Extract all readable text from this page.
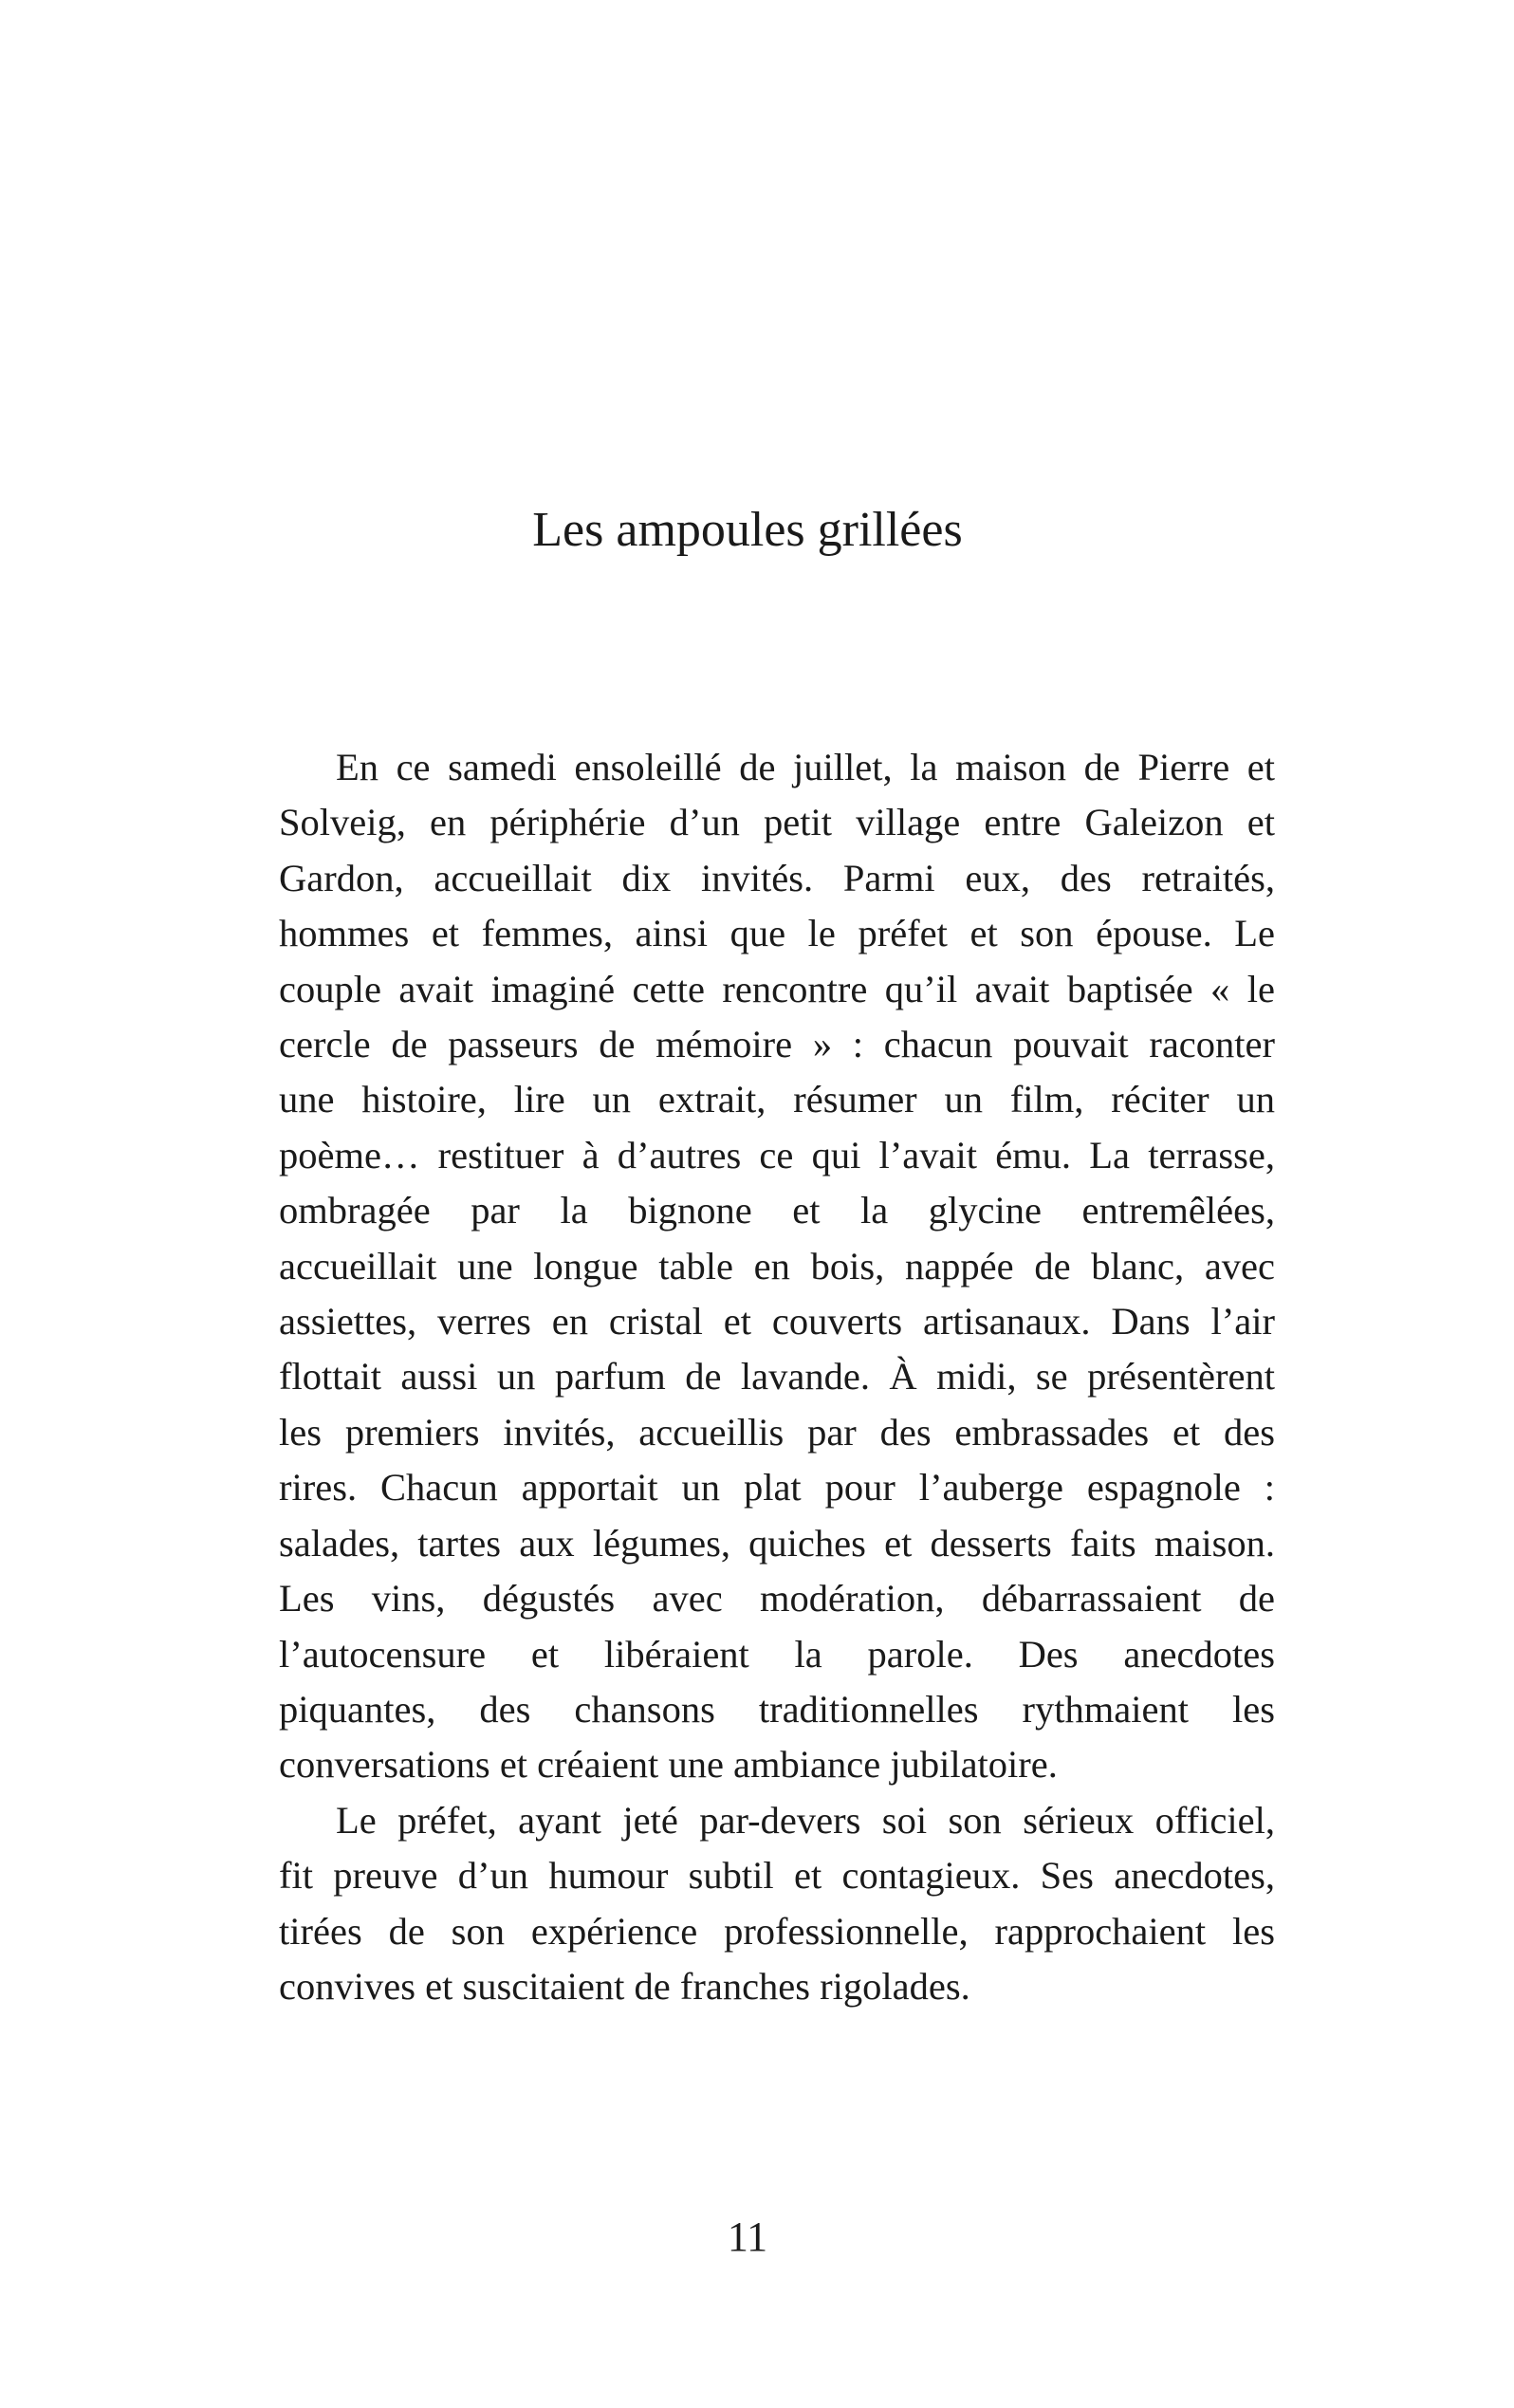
Les ampoules grillées
En ce samedi ensoleillé de juillet, la maison de Pierre et
Solveig, en périphérie d’un petit village entre Galeizon et
Gardon, accueillait dix invités. Parmi eux, des retraités,
hommes et femmes, ainsi que le préfet et son épouse. Le
couple avait imaginé cette rencontre qu’il avait baptisée « le
cercle de passeurs de mémoire » : chacun pouvait raconter
une histoire, lire un extrait, résumer un film, réciter un
poème… restituer à d’autres ce qui l’avait ému. La terrasse,
ombragée par la bignone et la glycine entremêlées,
accueillait une longue table en bois, nappée de blanc, avec
assiettes, verres en cristal et couverts artisanaux. Dans l’air
flottait aussi un parfum de lavande. À midi, se présentèrent
les premiers invités, accueillis par des embrassades et des
rires. Chacun apportait un plat pour l’auberge espagnole :
salades, tartes aux légumes, quiches et desserts faits maison.
Les vins, dégustés avec modération, débarrassaient de
l’autocensure et libéraient la parole. Des anecdotes
piquantes, des chansons traditionnelles rythmaient les
conversations et créaient une ambiance jubilatoire.
Le préfet, ayant jeté par-devers soi son sérieux officiel,
fit preuve d’un humour subtil et contagieux. Ses anecdotes,
tirées de son expérience professionnelle, rapprochaient les
convives et suscitaient de franches rigolades.
11
